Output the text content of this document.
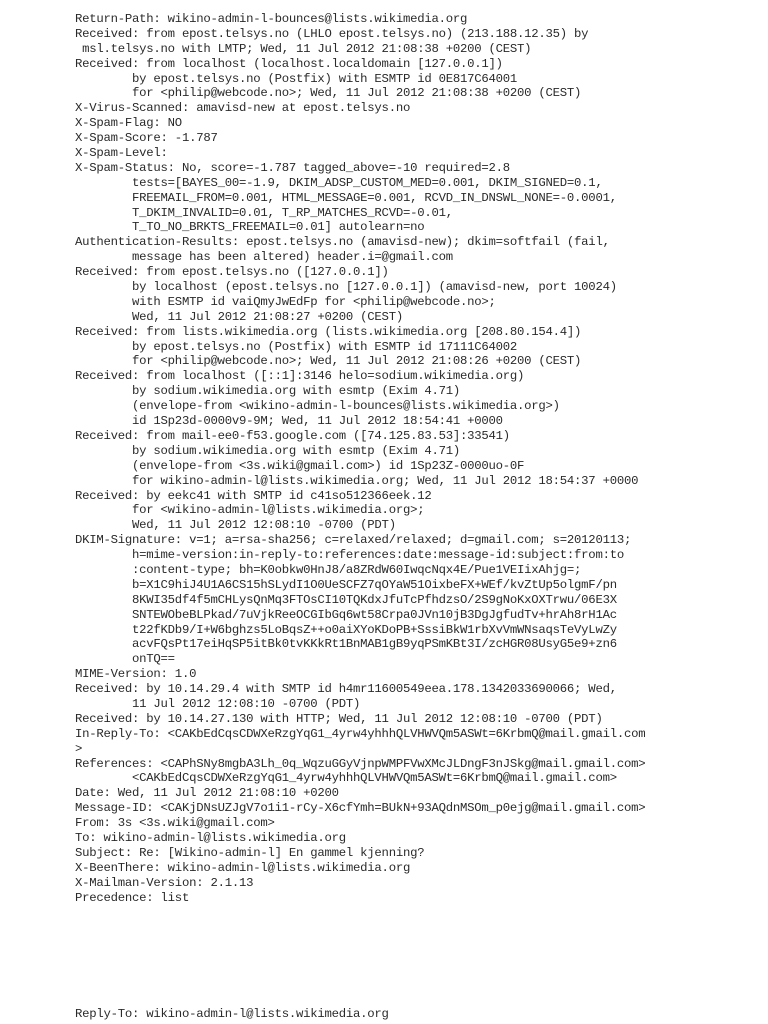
Return-Path: wikino-admin-l-bounces@lists.wikimedia.org
Received: from epost.telsys.no (LHLO epost.telsys.no) (213.188.12.35) by
msl.telsys.no with LMTP; Wed, 11 Jul 2012 21:08:38 +0200 (CEST)
Received: from localhost (localhost.localdomain [127.0.0.1])
by epost.telsys.no (Postfix) with ESMTP id 0E817C64001
for <philip@webcode.no>; Wed, 11 Jul 2012 21:08:38 +0200 (CEST)
X-Virus-Scanned: amavisd-new at epost.telsys.no
X-Spam-Flag: NO
X-Spam-Score: -1.787
X-Spam-Level:
X-Spam-Status: No, score=-1.787 tagged_above=-10 required=2.8
tests=[BAYES_00=-1.9, DKIM_ADSP_CUSTOM_MED=0.001, DKIM_SIGNED=0.1,
FREEMAIL_FROM=0.001, HTML_MESSAGE=0.001, RCVD_IN_DNSWL_NONE=-0.0001,
T_DKIM_INVALID=0.01, T_RP_MATCHES_RCVD=-0.01,
T_TO_NO_BRKTS_FREEMAIL=0.01] autolearn=no
Authentication-Results: epost.telsys.no (amavisd-new); dkim=softfail (fail,
message has been altered) header.i=@gmail.com
Received: from epost.telsys.no ([127.0.0.1])
by localhost (epost.telsys.no [127.0.0.1]) (amavisd-new, port 10024)
with ESMTP id vaiQmyJwEdFp for <philip@webcode.no>;
Wed, 11 Jul 2012 21:08:27 +0200 (CEST)
Received: from lists.wikimedia.org (lists.wikimedia.org [208.80.154.4])
by epost.telsys.no (Postfix) with ESMTP id 17111C64002
for <philip@webcode.no>; Wed, 11 Jul 2012 21:08:26 +0200 (CEST)
Received: from localhost ([::1]:3146 helo=sodium.wikimedia.org)
by sodium.wikimedia.org with esmtp (Exim 4.71)
(envelope-from <wikino-admin-l-bounces@lists.wikimedia.org>)
id 1Sp23d-0000v9-9M; Wed, 11 Jul 2012 18:54:41 +0000
Received: from mail-ee0-f53.google.com ([74.125.83.53]:33541)
by sodium.wikimedia.org with esmtp (Exim 4.71)
(envelope-from <3s.wiki@gmail.com>) id 1Sp23Z-0000uo-0F
for wikino-admin-l@lists.wikimedia.org; Wed, 11 Jul 2012 18:54:37 +0000
Received: by eekc41 with SMTP id c41so512366eek.12
for <wikino-admin-l@lists.wikimedia.org>;
Wed, 11 Jul 2012 12:08:10 -0700 (PDT)
DKIM-Signature: v=1; a=rsa-sha256; c=relaxed/relaxed; d=gmail.com; s=20120113;
h=mime-version:in-reply-to:references:date:message-id:subject:from:to
:content-type; bh=K0obkw0HnJ8/a8ZRdW60IwqcNqx4E/Pue1VEIixAhjg=;
b=X1C9hiJ4U1A6CS15hSLydI1O0UeSCFZ7qOYaW51OixbeFX+WEf/kvZtUp5olgmF/pn
8KWI35df4f5mCHLysQnMq3FTOsCI10TQKdxJfuTcPfhdzsO/2S9gNoKxOXTrwu/06E3X
SNTEWObeBLPkad/7uVjkReeOCGIbGq6wt58Crpa0JVn10jB3DgJgfudTv+hrAh8rH1Ac
t22fKDb9/I+W6bghzs5LoBqsZ++o0aiXYoKDoPB+SssiBkW1rbXvVmWNsaqsTeVyLwZy
acvFQsPt17eiHqSP5itBk0tvKKkRt1BnMAB1gB9yqPSmKBt3I/zcHGR08UsyG5e9+zn6
onTQ==
MIME-Version: 1.0
Received: by 10.14.29.4 with SMTP id h4mr11600549eea.178.1342033690066; Wed,
11 Jul 2012 12:08:10 -0700 (PDT)
Received: by 10.14.27.130 with HTTP; Wed, 11 Jul 2012 12:08:10 -0700 (PDT)
In-Reply-To: <CAKbEdCqsCDWXeRzgYqG1_4yrw4yhhhQLVHWVQm5ASWt=6KrbmQ@mail.gmail.com
>
References: <CAPhSNy8mgbA3Lh_0q_WqzuGGyVjnpWMPFVwXMcJLDngF3nJSkg@mail.gmail.com>
<CAKbEdCqsCDWXeRzgYqG1_4yrw4yhhhQLVHWVQm5ASWt=6KrbmQ@mail.gmail.com>
Date: Wed, 11 Jul 2012 21:08:10 +0200
Message-ID: <CAKjDNsUZJgV7o1i1-rCy-X6cfYmh=BUkN+93AQdnMSOm_p0ejg@mail.gmail.com>
From: 3s <3s.wiki@gmail.com>
To: wikino-admin-l@lists.wikimedia.org
Subject: Re: [Wikino-admin-l] En gammel kjenning?
X-BeenThere: wikino-admin-l@lists.wikimedia.org
X-Mailman-Version: 2.1.13
Precedence: list
Reply-To: wikino-admin-l@lists.wikimedia.org
